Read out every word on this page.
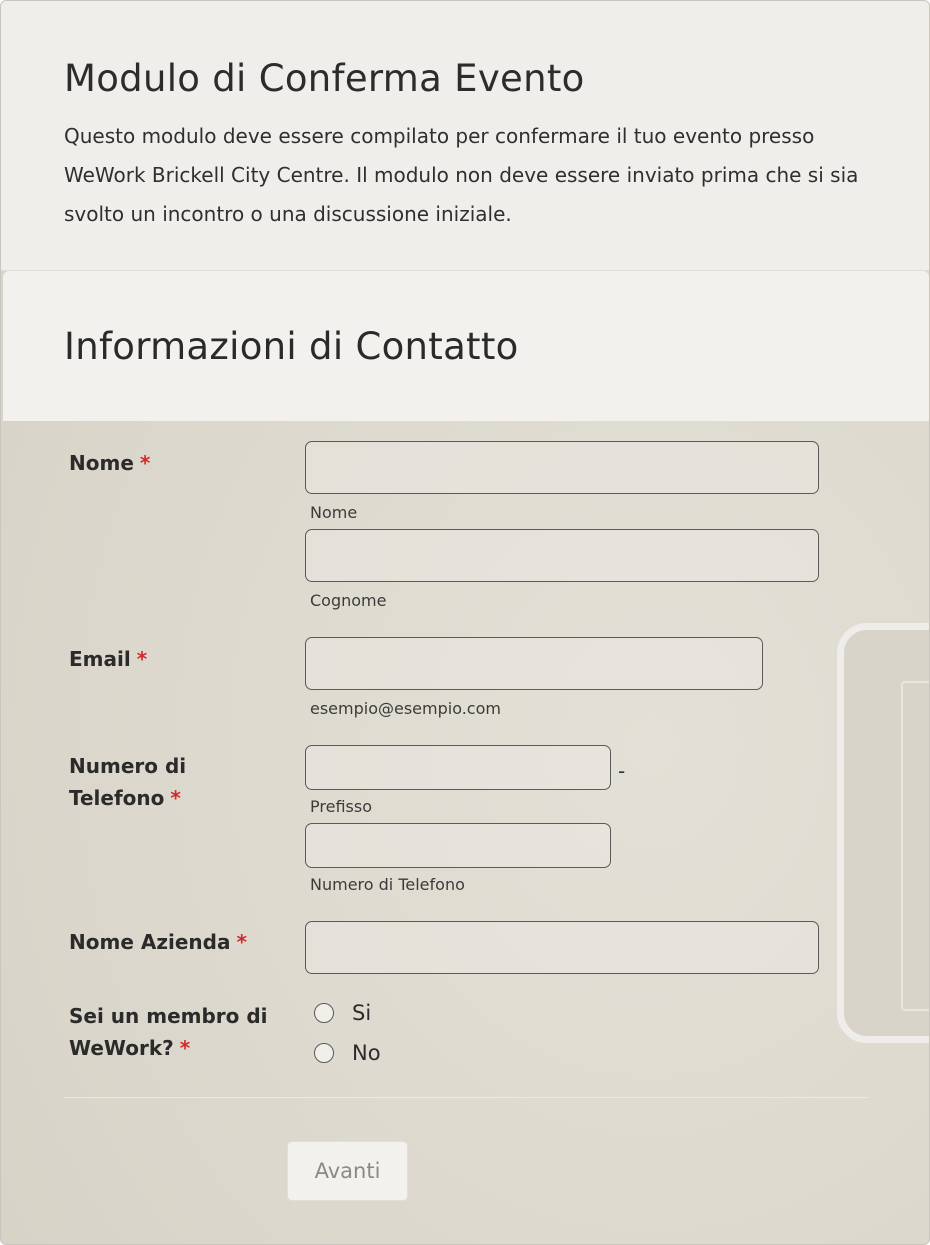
Modulo di Conferma Evento

Questo modulo deve essere compilato per confermare il tuo evento presso WeWork Brickell City Centre. Il modulo non deve essere inviato prima che si sia svolto un incontro o una discussione iniziale.

Informazioni di Contatto
Nome *
Nome
Cognome
Email *
esempio@esempio.com
Numero di Telefono *
-
Prefisso
Numero di Telefono
Nome Azienda *
Sei un membro di WeWork? *
Si
No
Avanti
